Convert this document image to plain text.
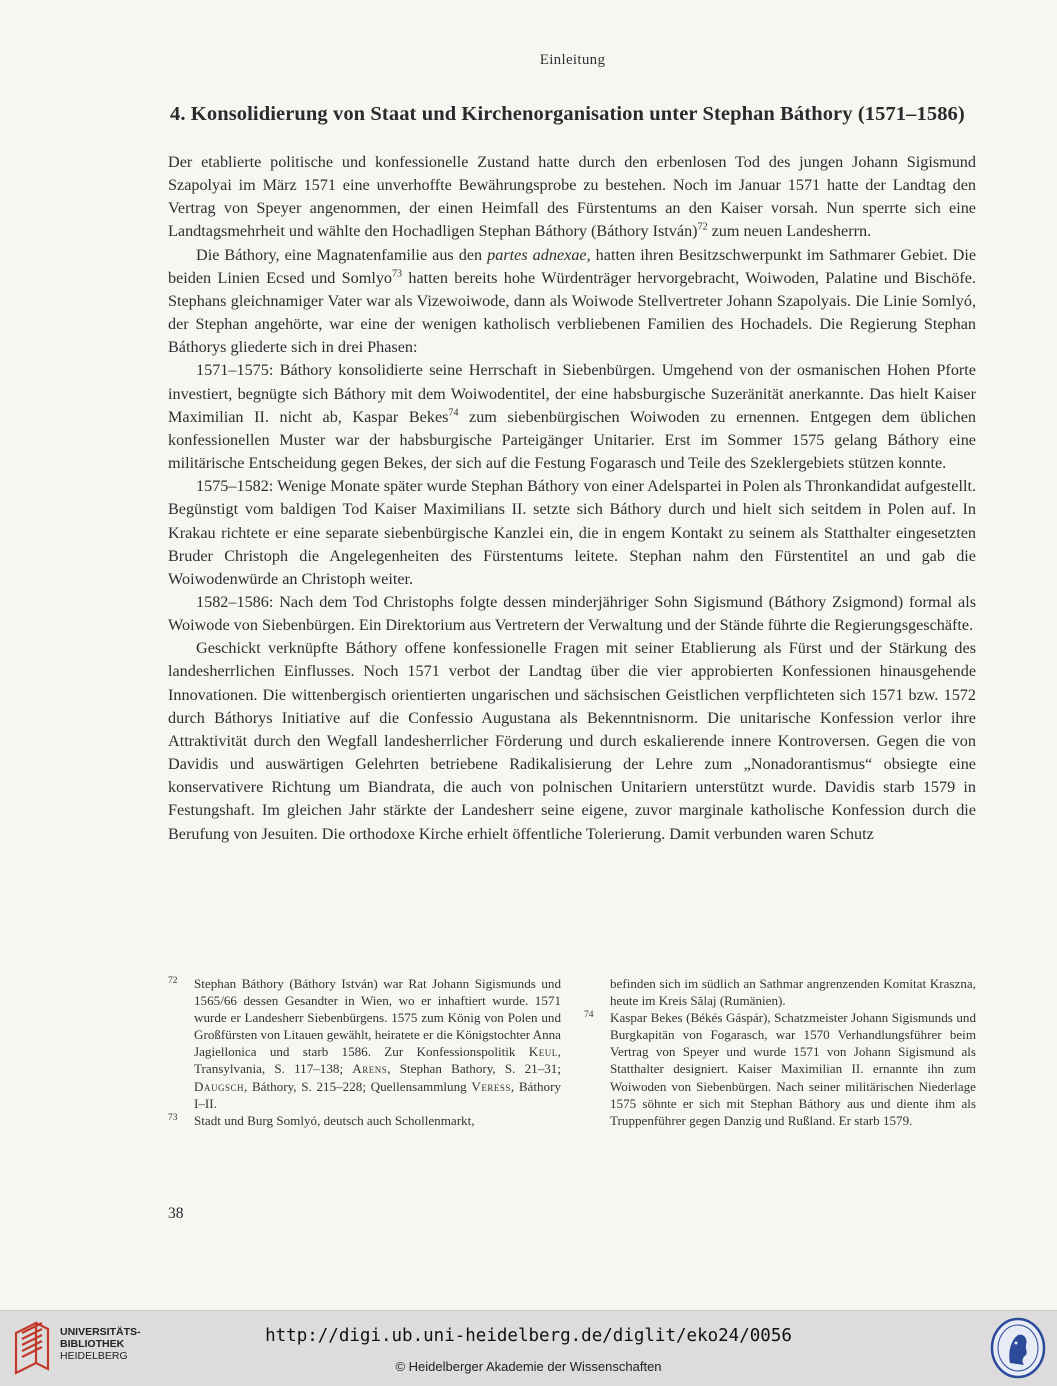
Einleitung
4. Konsolidierung von Staat und Kirchenorganisation unter Stephan Báthory (1571–1586)

Der etablierte politische und konfessionelle Zustand hatte durch den erbenlosen Tod des jungen Johann Sigismund Szapolyai im März 1571 eine unverhoffte Bewährungsprobe zu bestehen. Noch im Januar 1571 hatte der Landtag den Vertrag von Speyer angenommen, der einen Heimfall des Fürstentums an den Kaiser vorsah. Nun sperrte sich eine Landtagsmehrheit und wählte den Hochadligen Stephan Báthory (Báthory István)$^{72}$ zum neuen Landesherrn.

Die Báthory, eine Magnatenfamilie aus den partes adnexae, hatten ihren Besitzschwerpunkt im Sathmarer Gebiet. Die beiden Linien Ecsed und Somlyo$^{73}$ hatten bereits hohe Würdenträger hervorgebracht, Woiwoden, Palatine und Bischöfe. Stephans gleichnamiger Vater war als Vizewoiwode, dann als Woiwode Stellvertreter Johann Szapolyais. Die Linie Somlyó, der Stephan angehörte, war eine der wenigen katholisch verbliebenen Familien des Hochadels. Die Regierung Stephan Báthorys gliederte sich in drei Phasen:

1571–1575: Báthory konsolidierte seine Herrschaft in Siebenbürgen. Umgehend von der osmanischen Hohen Pforte investiert, begnügte sich Báthory mit dem Woiwodentitel, der eine habsburgische Suzeränität anerkannte. Das hielt Kaiser Maximilian II. nicht ab, Kaspar Bekes$^{74}$ zum siebenbürgischen Woiwoden zu ernennen. Entgegen dem üblichen konfessionellen Muster war der habsburgische Parteigänger Unitarier. Erst im Sommer 1575 gelang Báthory eine militärische Entscheidung gegen Bekes, der sich auf die Festung Fogarasch und Teile des Szeklergebiets stützen konnte.

1575–1582: Wenige Monate später wurde Stephan Báthory von einer Adelspartei in Polen als Thronkandidat aufgestellt. Begünstigt vom baldigen Tod Kaiser Maximilians II. setzte sich Báthory durch und hielt sich seitdem in Polen auf. In Krakau richtete er eine separate siebenbürgische Kanzlei ein, die in engem Kontakt zu seinem als Statthalter eingesetzten Bruder Christoph die Angelegenheiten des Fürstentums leitete. Stephan nahm den Fürstentitel an und gab die Woiwodenwürde an Christoph weiter.

1582–1586: Nach dem Tod Christophs folgte dessen minderjähriger Sohn Sigismund (Báthory Zsigmond) formal als Woiwode von Siebenbürgen. Ein Direktorium aus Vertretern der Verwaltung und der Stände führte die Regierungsgeschäfte.

Geschickt verknüpfte Báthory offene konfessionelle Fragen mit seiner Etablierung als Fürst und der Stärkung des landesherrlichen Einflusses. Noch 1571 verbot der Landtag über die vier approbierten Konfessionen hinausgehende Innovationen. Die wittenbergisch orientierten ungarischen und sächsischen Geistlichen verpflichteten sich 1571 bzw. 1572 durch Báthorys Initiative auf die Confessio Augustana als Bekenntnisnorm. Die unitarische Konfession verlor ihre Attraktivität durch den Wegfall landesherrlicher Förderung und durch eskalierende innere Kontroversen. Gegen die von Davidis und auswärtigen Gelehrten betriebene Radikalisierung der Lehre zum „Nonadorantismus“ obsiegte eine konservativere Richtung um Biandrata, die auch von polnischen Unitariern unterstützt wurde. Davidis starb 1579 in Festungshaft. Im gleichen Jahr stärkte der Landesherr seine eigene, zuvor marginale katholische Konfession durch die Berufung von Jesuiten. Die orthodoxe Kirche erhielt öffentliche Tolerierung. Damit verbunden waren Schutz

72 Stephan Báthory (Báthory István) war Rat Johann Sigismunds und 1565/66 dessen Gesandter in Wien, wo er inhaftiert wurde. 1571 wurde er Landesherr Siebenbürgens. 1575 zum König von Polen und Großfürsten von Litauen gewählt, heiratete er die Königstochter Anna Jagiellonica und starb 1586. Zur Konfessionspolitik Keul, Transylvania, S. 117–138; Arens, Stephan Bathory, S. 21–31; Daugsch, Báthory, S. 215–228; Quellensammlung Veress, Báthory I–II.

73 Stadt und Burg Somlyó, deutsch auch Schollenmarkt,

befinden sich im südlich an Sathmar angrenzenden Komitat Kraszna, heute im Kreis Sălaj (Rumänien).

74 Kaspar Bekes (Békés Gáspár), Schatzmeister Johann Sigismunds und Burgkapitän von Fogarasch, war 1570 Verhandlungsführer beim Vertrag von Speyer und wurde 1571 von Johann Sigismund als Statthalter designiert. Kaiser Maximilian II. ernannte ihn zum Woiwoden von Siebenbürgen. Nach seiner militärischen Niederlage 1575 söhnte er sich mit Stephan Báthory aus und diente ihm als Truppenführer gegen Danzig und Rußland. Er starb 1579.

38
UNIVERSITÄTS-
BIBLIOTHEK
HEIDELBERG
http://digi.ub.uni-heidelberg.de/diglit/eko24/0056
© Heidelberger Akademie der Wissenschaften
